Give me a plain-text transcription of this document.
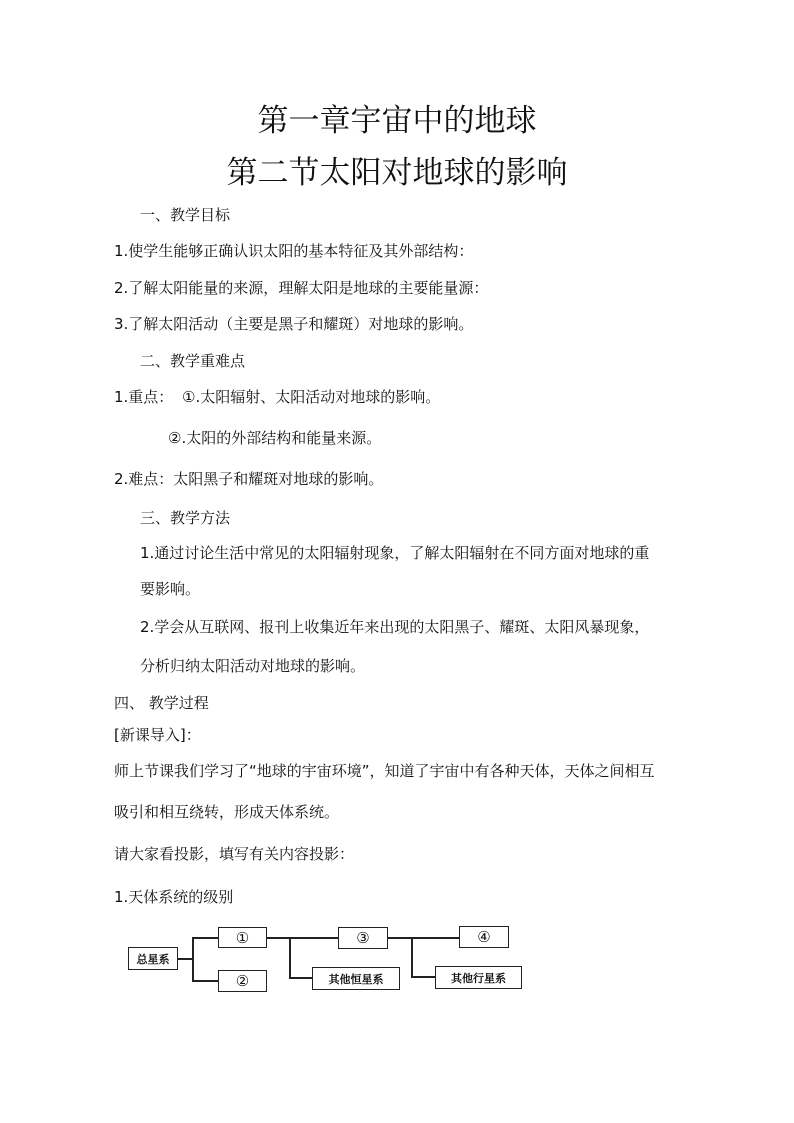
第一章宇宙中的地球
第二节太阳对地球的影响
一、教学目标
1.使学生能够正确认识太阳的基本特征及其外部结构：
2.了解太阳能量的来源，理解太阳是地球的主要能量源：
3.了解太阳活动（主要是黑子和耀斑）对地球的影响。
二、教学重难点
1.重点： ①.太阳辐射、太阳活动对地球的影响。
②.太阳的外部结构和能量来源。
2.难点：太阳黑子和耀斑对地球的影响。
三、教学方法
1.通过讨论生活中常见的太阳辐射现象，了解太阳辐射在不同方面对地球的重
要影响。
2.学会从互联网、报刊上收集近年来出现的太阳黑子、耀斑、太阳风暴现象，
分析归纳太阳活动对地球的影响。
四、 教学过程
[新课导入]：
师上节课我们学习了“地球的宇宙环境”，知道了宇宙中有各种天体，天体之间相互
吸引和相互绕转，形成天体系统。
请大家看投影，填写有关内容投影：
1.天体系统的级别
总星系
①
②
③	④
其他恒星系	其他行星系
